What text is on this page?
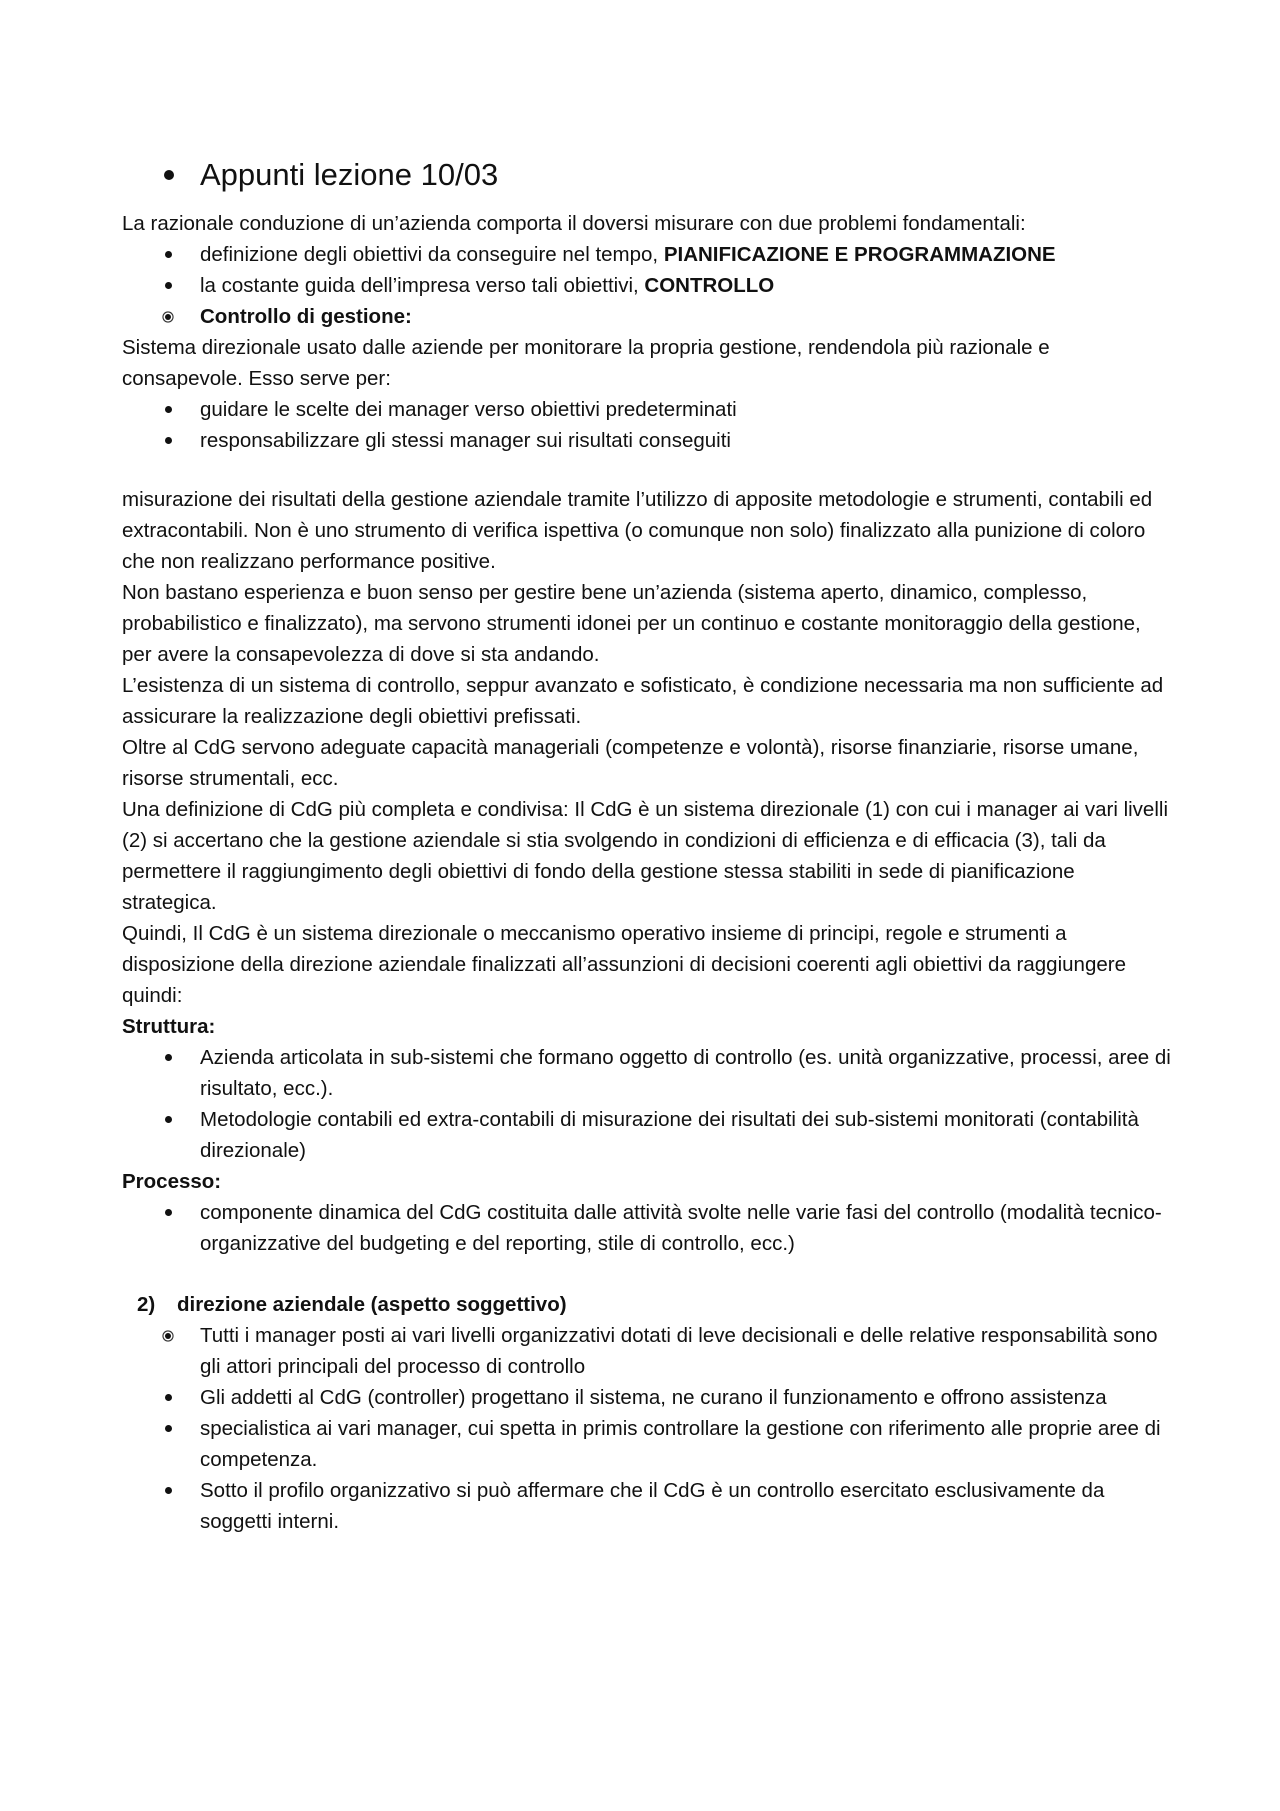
Appunti lezione 10/03

La razionale conduzione di un’azienda comporta il doversi misurare con due problemi fondamentali:

definizione degli obiettivi da conseguire nel tempo, PIANIFICAZIONE E PROGRAMMAZIONE
la costante guida dell’impresa verso tali obiettivi, CONTROLLO
Controllo di gestione:

Sistema direzionale usato dalle aziende per monitorare la propria gestione, rendendola più razionale e consapevole. Esso serve per:

guidare le scelte dei manager verso obiettivi predeterminati
responsabilizzare gli stessi manager sui risultati conseguiti

misurazione dei risultati della gestione aziendale tramite l’utilizzo di apposite metodologie e strumenti, contabili ed extracontabili. Non è uno strumento di verifica ispettiva (o comunque non solo) finalizzato alla punizione di coloro che non realizzano performance positive.

Non bastano esperienza e buon senso per gestire bene un’azienda (sistema aperto, dinamico, complesso, probabilistico e finalizzato), ma servono strumenti idonei per un continuo e costante monitoraggio della gestione, per avere la consapevolezza di dove si sta andando.

L’esistenza di un sistema di controllo, seppur avanzato e sofisticato, è condizione necessaria ma non sufficiente ad assicurare la realizzazione degli obiettivi prefissati.

Oltre al CdG servono adeguate capacità manageriali (competenze e volontà), risorse finanziarie, risorse umane, risorse strumentali, ecc.

Una definizione di CdG più completa e condivisa: Il CdG è un sistema direzionale (1) con cui i manager ai vari livelli (2) si accertano che la gestione aziendale si stia svolgendo in condizioni di efficienza e di efficacia (3), tali da permettere il raggiungimento degli obiettivi di fondo della gestione stessa stabiliti in sede di pianificazione strategica.

Quindi, Il CdG è un sistema direzionale o meccanismo operativo insieme di principi, regole e strumenti a disposizione della direzione aziendale finalizzati all’assunzioni di decisioni coerenti agli obiettivi da raggiungere quindi:

Struttura:

Azienda articolata in sub-sistemi che formano oggetto di controllo (es. unità organizzative, processi, aree di risultato, ecc.).
Metodologie contabili ed extra-contabili di misurazione dei risultati dei sub-sistemi monitorati (contabilità direzionale)

Processo:

componente dinamica del CdG costituita dalle attività svolte nelle varie fasi del controllo (modalità tecnico-organizzative del budgeting e del reporting, stile di controllo, ecc.)
2) direzione aziendale (aspetto soggettivo)
Tutti i manager posti ai vari livelli organizzativi dotati di leve decisionali e delle relative responsabilità sono gli attori principali del processo di controllo
Gli addetti al CdG (controller) progettano il sistema, ne curano il funzionamento e offrono assistenza
specialistica ai vari manager, cui spetta in primis controllare la gestione con riferimento alle proprie aree di competenza.
Sotto il profilo organizzativo si può affermare che il CdG è un controllo esercitato esclusivamente da soggetti interni.
